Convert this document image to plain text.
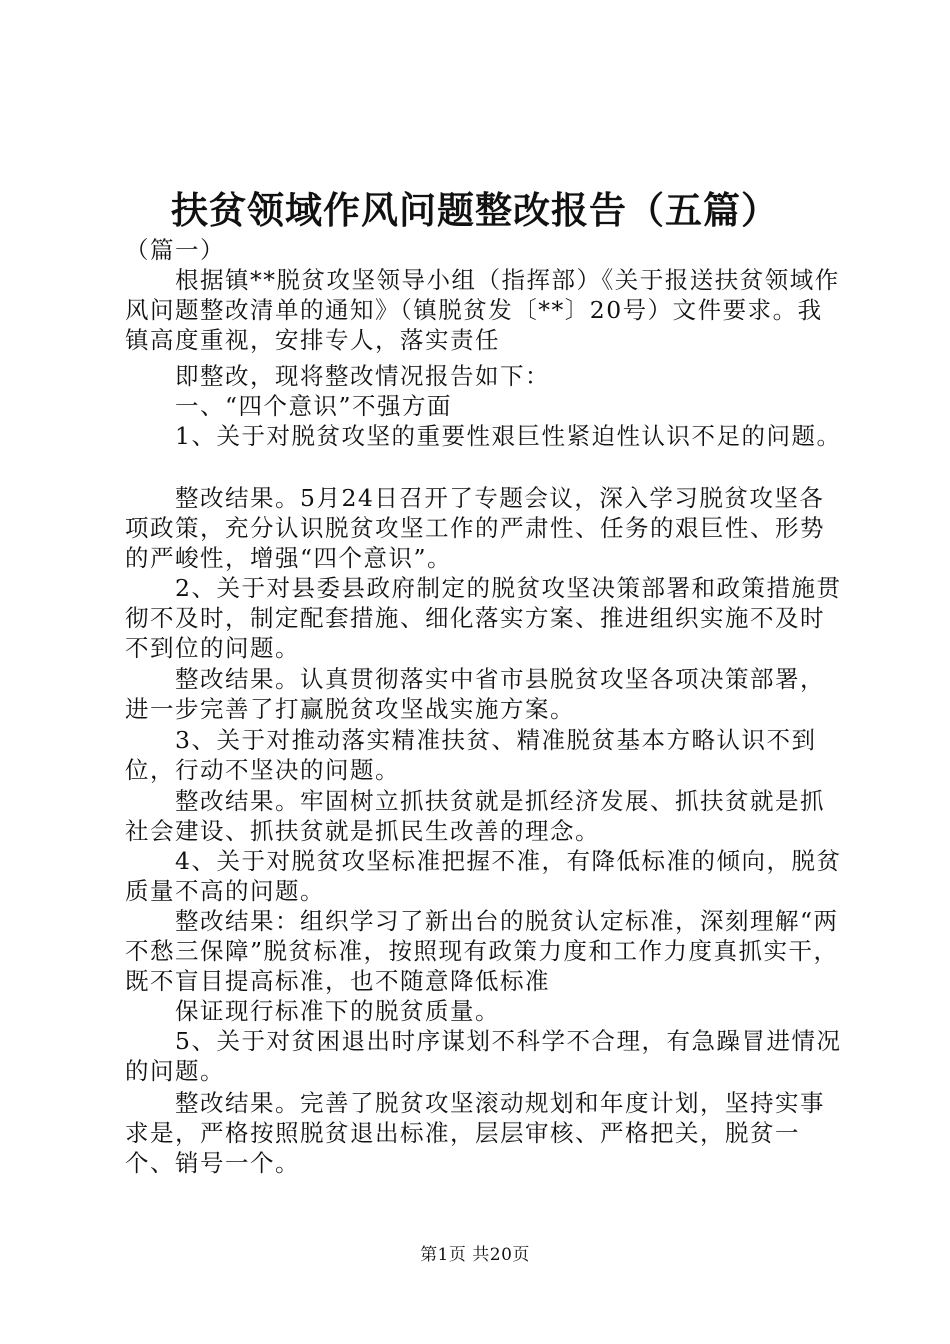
扶贫领域作风问题整改报告（五篇）

（篇一）

　　根据镇**脱贫攻坚领导小组（指挥部）《关于报送扶贫领域作风问题整改清单的通知》（镇脱贫发〔**〕20号）文件要求。我镇高度重视，安排专人，落实责任

　　即整改，现将整改情况报告如下：

　　一、“四个意识”不强方面

　　1、关于对脱贫攻坚的重要性艰巨性紧迫性认识不足的问题。

　　整改结果。5月24日召开了专题会议，深入学习脱贫攻坚各项政策，充分认识脱贫攻坚工作的严肃性、任务的艰巨性、形势的严峻性，增强“四个意识”。

　　2、关于对县委县政府制定的脱贫攻坚决策部署和政策措施贯彻不及时，制定配套措施、细化落实方案、推进组织实施不及时不到位的问题。

　　整改结果。认真贯彻落实中省市县脱贫攻坚各项决策部署，进一步完善了打赢脱贫攻坚战实施方案。

　　3、关于对推动落实精准扶贫、精准脱贫基本方略认识不到位，行动不坚决的问题。

　　整改结果。牢固树立抓扶贫就是抓经济发展、抓扶贫就是抓社会建设、抓扶贫就是抓民生改善的理念。

　　4、关于对脱贫攻坚标准把握不准，有降低标准的倾向，脱贫质量不高的问题。

　　整改结果：组织学习了新出台的脱贫认定标准，深刻理解“两不愁三保障”脱贫标准，按照现有政策力度和工作力度真抓实干，既不盲目提高标准，也不随意降低标准

　　保证现行标准下的脱贫质量。

　　5、关于对贫困退出时序谋划不科学不合理，有急躁冒进情况的问题。

　　整改结果。完善了脱贫攻坚滚动规划和年度计划，坚持实事求是，严格按照脱贫退出标准，层层审核、严格把关，脱贫一个、销号一个。

第1页 共20页
